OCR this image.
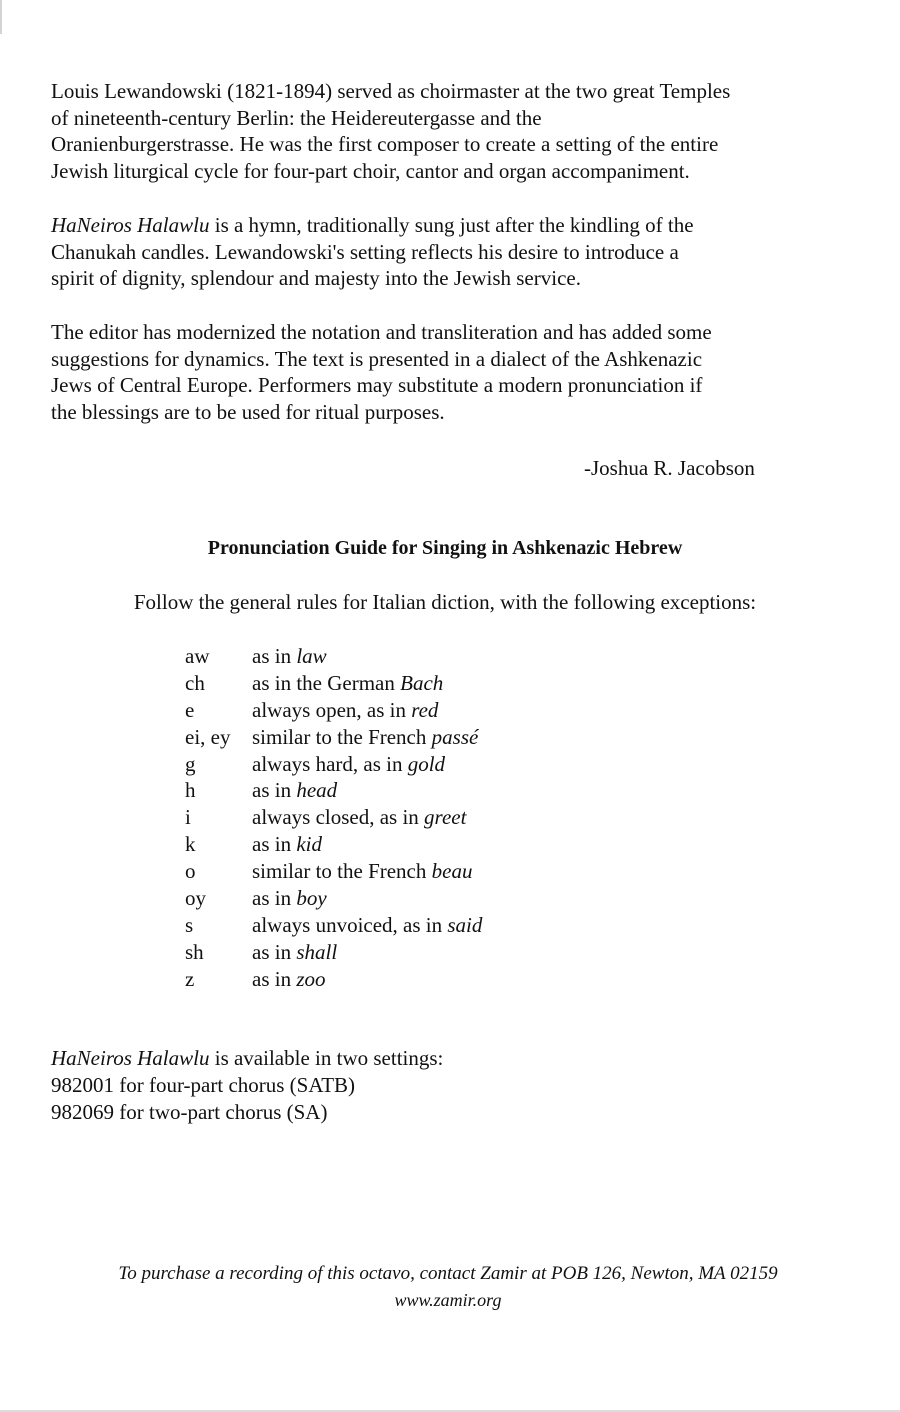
Louis Lewandowski (1821-1894) served as choirmaster at the two great Temples
of nineteenth-century Berlin: the Heidereutergasse and the
Oranienburgerstrasse. He was the first composer to create a setting of the entire
Jewish liturgical cycle for four-part choir, cantor and organ accompaniment.

HaNeiros Halawlu is a hymn, traditionally sung just after the kindling of the
Chanukah candles. Lewandowski's setting reflects his desire to introduce a
spirit of dignity, splendour and majesty into the Jewish service.

The editor has modernized the notation and transliteration and has added some
suggestions for dynamics. The text is presented in a dialect of the Ashkenazic
Jews of Central Europe. Performers may substitute a modern pronunciation if
the blessings are to be used for ritual purposes.

-Joshua R. Jacobson
Pronunciation Guide for Singing in Ashkenazic Hebrew
Follow the general rules for Italian diction, with the following exceptions:
aw as in law
ch as in the German Bach
e	always open, as in red
ei, ey similar to the French passé
g	always hard, as in gold
h	as in head
i	always closed, as in greet
k	as in kid
o	similar to the French beau
oy as in boy
s	always unvoiced, as in said
sh as in shall
z	as in zoo
HaNeiros Halawlu is available in two settings:
982001 for four-part chorus (SATB)
982069 for two-part chorus (SA)
To purchase a recording of this octavo, contact Zamir at POB 126, Newton, MA 02159
www.zamir.org
